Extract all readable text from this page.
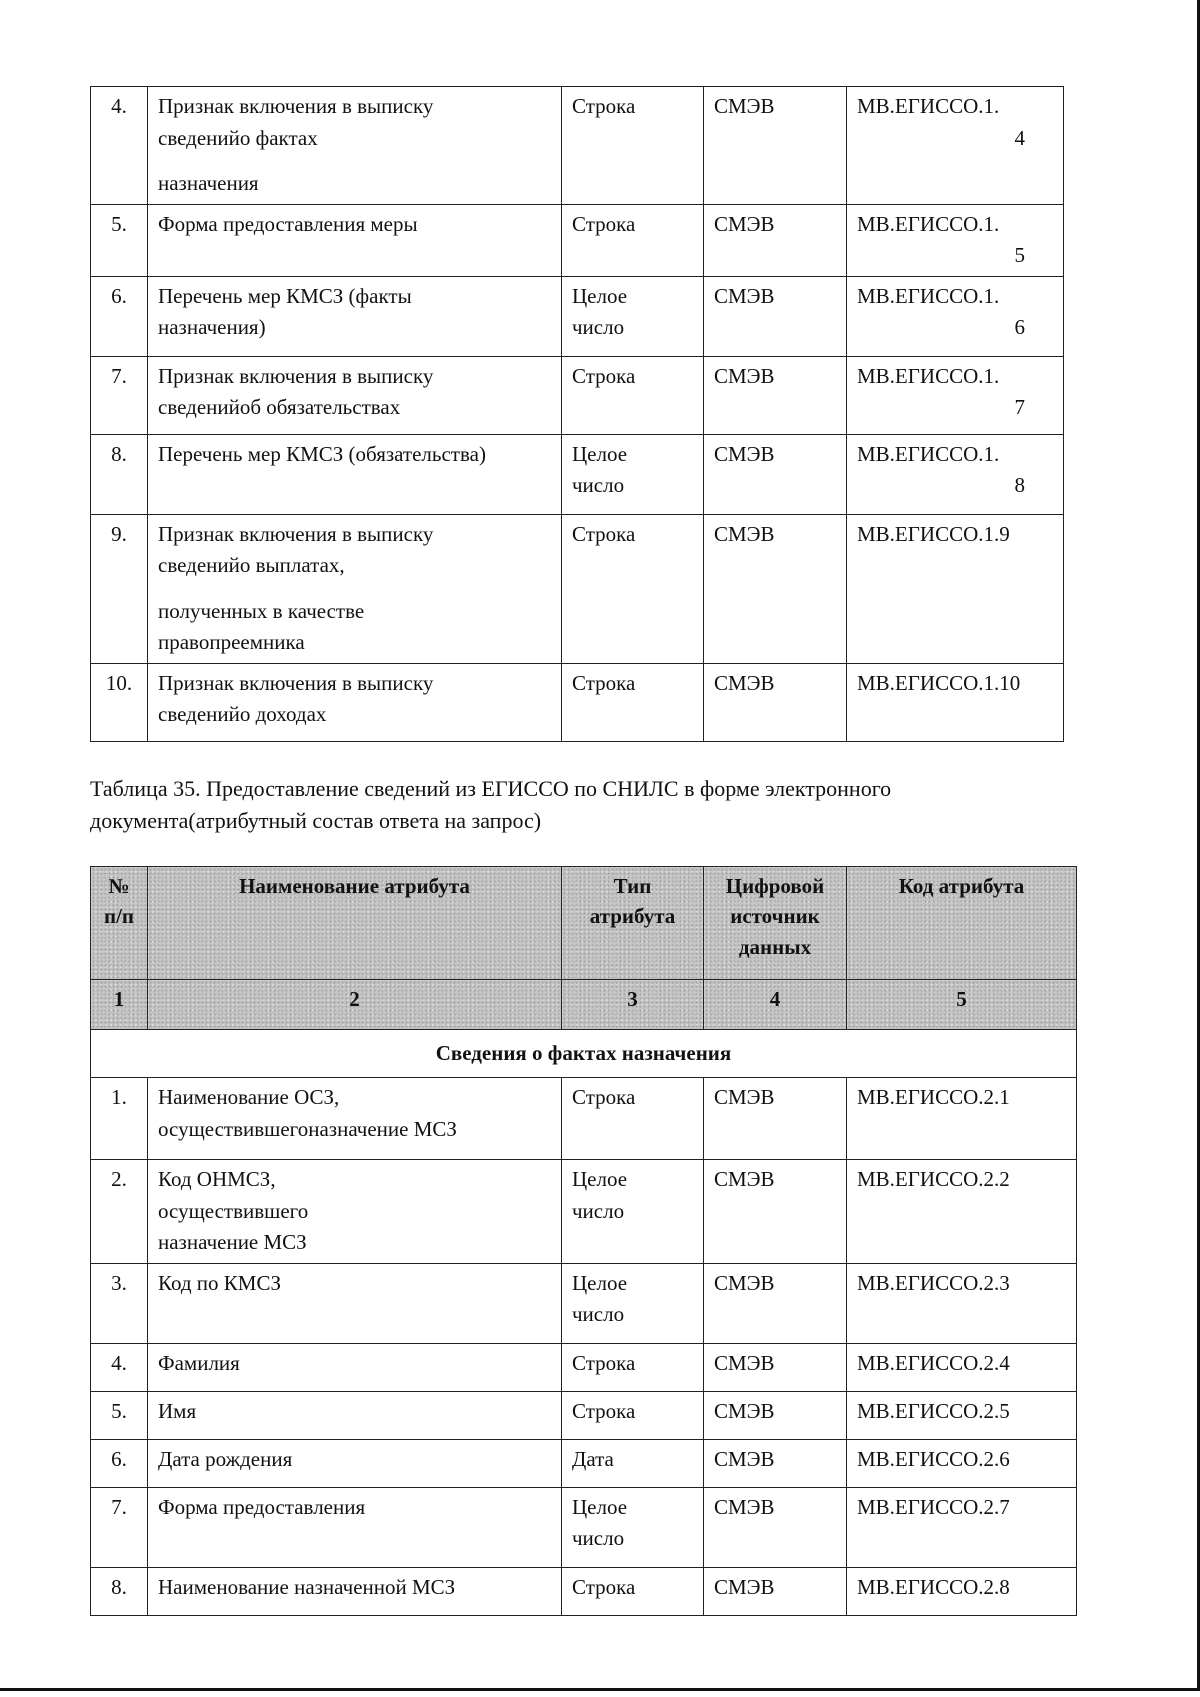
4.	Признак включения в выписку
сведенийо фактах
назначения	Строка	СМЭВ	МВ.ЕГИССО.1.
4

5.	Форма предоставления меры	Строка	СМЭВ	МВ.ЕГИССО.1.
5

6.	Перечень мер КМСЗ (факты
назначения)	Целое
число	СМЭВ	МВ.ЕГИССО.1.
6

7.	Признак включения в выписку
сведенийоб обязательствах	Строка	СМЭВ	МВ.ЕГИССО.1.
7

8.	Перечень мер КМСЗ (обязательства)	Целое
число	СМЭВ	МВ.ЕГИССО.1.
8

9.	Признак включения в выписку
сведенийо выплатах,
полученных в качестве
правопреемника	Строка	СМЭВ	МВ.ЕГИССО.1.9

10.	Признак включения в выписку
сведенийо доходах	Строка	СМЭВ	МВ.ЕГИССО.1.10
Таблица 35. Предоставление сведений из ЕГИССО по СНИЛС в форме электронного документа(атрибутный состав ответа на запрос)
№ п/п	Наименование атрибута	Тип атрибута	Цифровой источник данных	Код атрибута
1	2	3	4	5
Сведения о фактах назначения				
1.	Наименование ОСЗ,
осуществившегоназначение МСЗ	Строка	СМЭВ	МВ.ЕГИССО.2.1
2.	Код ОНМСЗ,
осуществившего
назначение МСЗ	Целое
число	СМЭВ	МВ.ЕГИССО.2.2
3.	Код по КМСЗ	Целое
число	СМЭВ	МВ.ЕГИССО.2.3
4.	Фамилия	Строка	СМЭВ	МВ.ЕГИССО.2.4
5.	Имя	Строка	СМЭВ	МВ.ЕГИССО.2.5
6.	Дата рождения	Дата	СМЭВ	МВ.ЕГИССО.2.6
7.	Форма предоставления	Целое
число	СМЭВ	МВ.ЕГИССО.2.7
8.	Наименование назначенной МСЗ	Строка	СМЭВ	МВ.ЕГИССО.2.8
